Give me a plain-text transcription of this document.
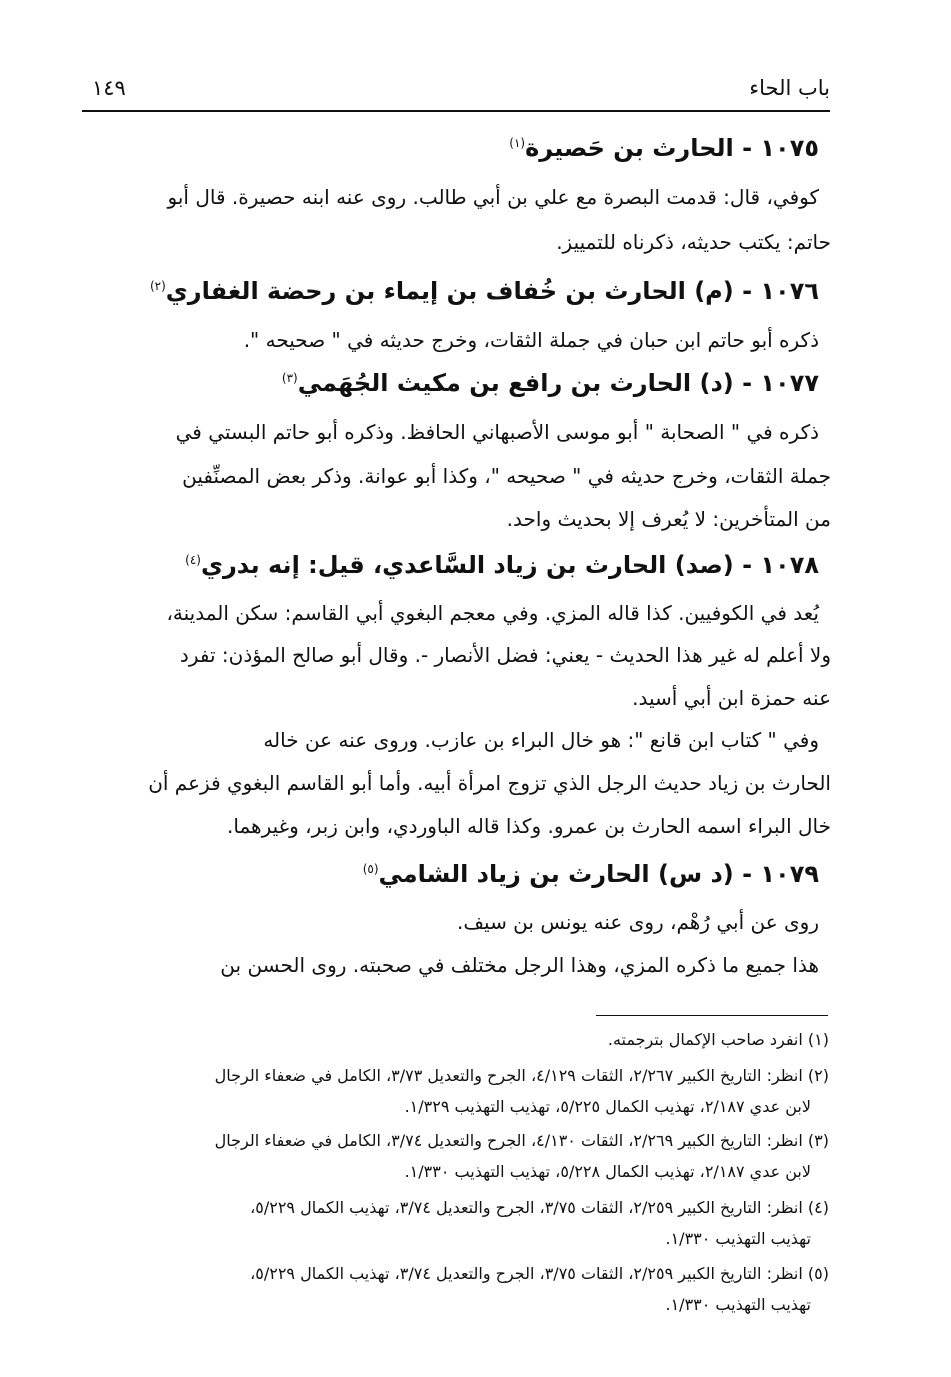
باب الحاء
١٤٩
١٠٧٥ - الحارث بن حَصيرة$^{(١)}$
كوفي، قال: قدمت البصرة مع علي بن أبي طالب. روى عنه ابنه حصيرة. قال أبو
حاتم: يكتب حديثه، ذكرناه للتمييز.
١٠٧٦ - (م) الحارث بن خُفاف بن إيماء بن رحضة الغفاري$^{(٢)}$
ذكره أبو حاتم ابن حبان في جملة الثقات، وخرج حديثه في " صحيحه ".
١٠٧٧ - (د) الحارث بن رافع بن مكيث الجُهَمي$^{(٣)}$
ذكره في " الصحابة " أبو موسى الأصبهاني الحافظ. وذكره أبو حاتم البستي في
جملة الثقات، وخرج حديثه في " صحيحه "، وكذا أبو عوانة. وذكر بعض المصنِّفين
من المتأخرين: لا يُعرف إلا بحديث واحد.
١٠٧٨ - (صد) الحارث بن زياد السَّاعدي، قيل: إنه بدري$^{(٤)}$
يُعد في الكوفيين. كذا قاله المزي. وفي معجم البغوي أبي القاسم: سكن المدينة،
ولا أعلم له غير هذا الحديث - يعني: فضل الأنصار -. وقال أبو صالح المؤذن: تفرد
عنه حمزة ابن أبي أسيد.
وفي " كتاب ابن قانع ": هو خال البراء بن عازب. وروى عنه عن خاله
الحارث بن زياد حديث الرجل الذي تزوج امرأة أبيه. وأما أبو القاسم البغوي فزعم أن
خال البراء اسمه الحارث بن عمرو. وكذا قاله الباوردي، وابن زبر، وغيرهما.
١٠٧٩ - (د س) الحارث بن زياد الشامي$^{(٥)}$
روى عن أبي رُهْم، روى عنه يونس بن سيف.
هذا جميع ما ذكره المزي، وهذا الرجل مختلف في صحبته. روى الحسن بن
(١) انفرد صاحب الإكمال بترجمته.
(٢) انظر: التاريخ الكبير ٢/٢٦٧، الثقات ٤/١٢٩، الجرح والتعديل ٣/٧٣، الكامل في ضعفاء الرجال
لابن عدي ٢/١٨٧، تهذيب الكمال ٥/٢٢٥، تهذيب التهذيب ١/٣٢٩.
(٣) انظر: التاريخ الكبير ٢/٢٦٩، الثقات ٤/١٣٠، الجرح والتعديل ٣/٧٤، الكامل في ضعفاء الرجال
لابن عدي ٢/١٨٧، تهذيب الكمال ٥/٢٢٨، تهذيب التهذيب ١/٣٣٠.
(٤) انظر: التاريخ الكبير ٢/٢٥٩، الثقات ٣/٧٥، الجرح والتعديل ٣/٧٤، تهذيب الكمال ٥/٢٢٩،
تهذيب التهذيب ١/٣٣٠.
(٥) انظر: التاريخ الكبير ٢/٢٥٩، الثقات ٣/٧٥، الجرح والتعديل ٣/٧٤، تهذيب الكمال ٥/٢٢٩،
تهذيب التهذيب ١/٣٣٠.
